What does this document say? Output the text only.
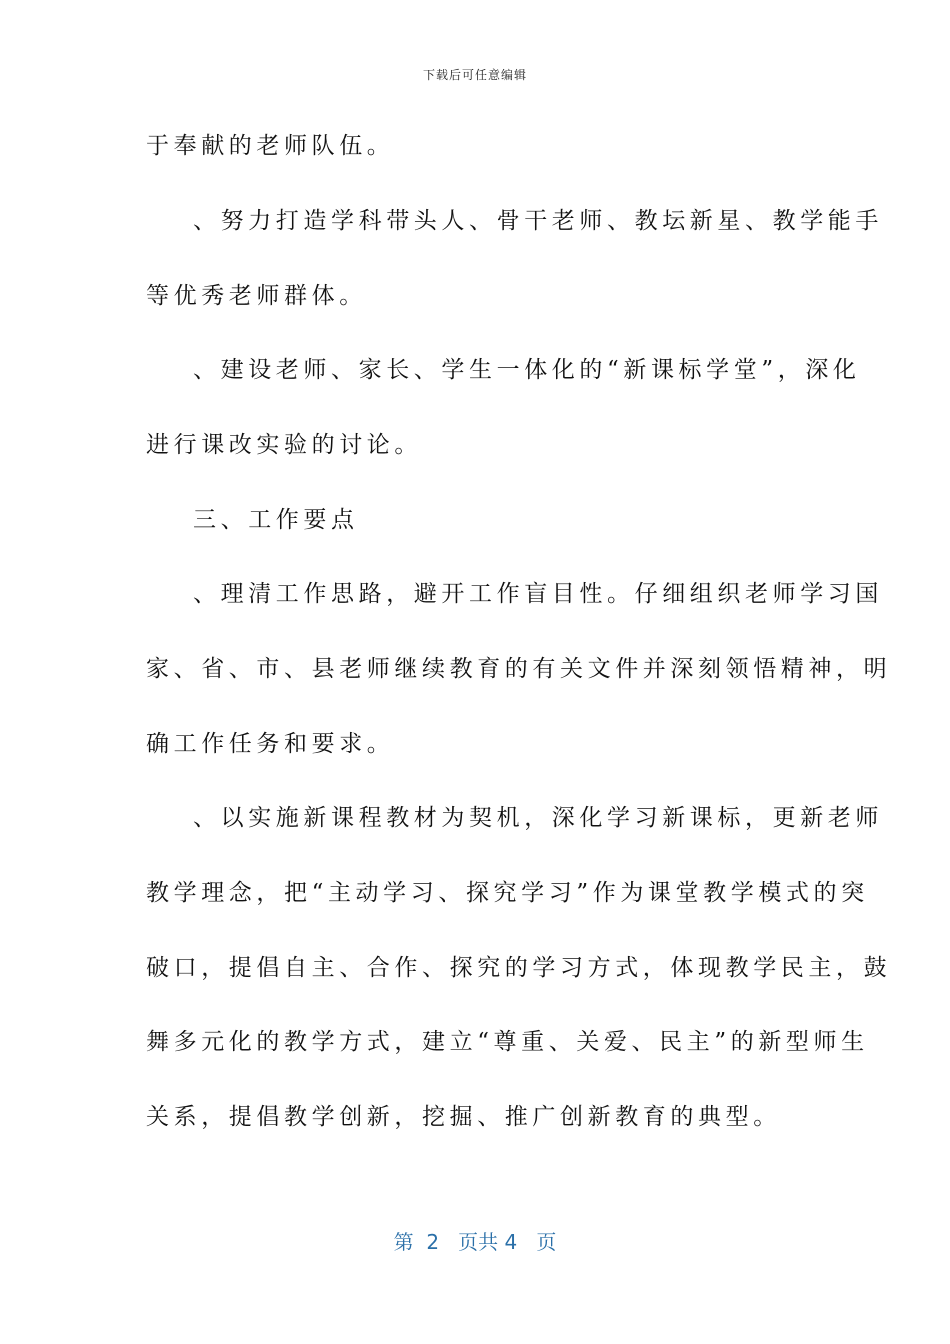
下载后可任意编辑
于奉献的老师队伍。
、努力打造学科带头人、骨干老师、教坛新星、教学能手
等优秀老师群体。
、建设老师、家长、学生一体化的“新课标学堂”，深化
进行课改实验的讨论。
三、工作要点
、理清工作思路，避开工作盲目性。仔细组织老师学习国
家、省、市、县老师继续教育的有关文件并深刻领悟精神，明
确工作任务和要求。
、以实施新课程教材为契机，深化学习新课标，更新老师
教学理念，把“主动学习、探究学习”作为课堂教学模式的突
破口，提倡自主、合作、探究的学习方式，体现教学民主，鼓
舞多元化的教学方式，建立“尊重、关爱、民主”的新型师生
关系，提倡教学创新，挖掘、推广创新教育的典型。
第 2 页共 4 页
